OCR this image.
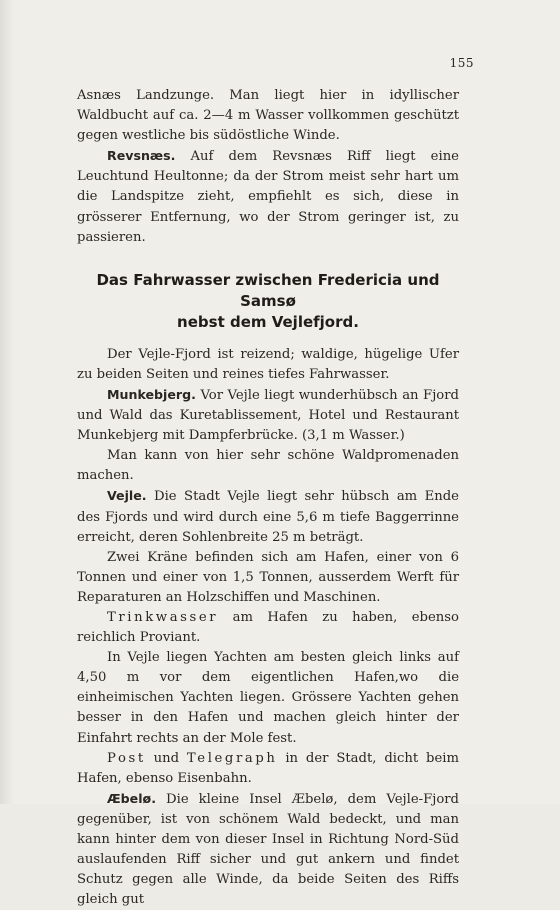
155

Asnæs Landzunge. Man liegt hier in idyllischer Waldbucht auf ca. 2—4 m Wasser vollkommen geschützt gegen westliche bis südöstliche Winde.

Revsnæs. Auf dem Revsnæs Riff liegt eine Leuchtund Heultonne; da der Strom meist sehr hart um die Landspitze zieht, empfiehlt es sich, diese in grösserer Entfernung, wo der Strom geringer ist, zu passieren.

Das Fahrwasser zwischen Fredericia und Samsø
nebst dem Vejlefjord.

Der Vejle-Fjord ist reizend; waldige, hügelige Ufer zu beiden Seiten und reines tiefes Fahrwasser.

Munkebjerg. Vor Vejle liegt wunderhübsch an Fjord und Wald das Kuretablissement, Hotel und Restaurant Munkebjerg mit Dampferbrücke. (3,1 m Wasser.)

Man kann von hier sehr schöne Waldpromenaden machen.

Vejle. Die Stadt Vejle liegt sehr hübsch am Ende des Fjords und wird durch eine 5,6 m tiefe Baggerrinne erreicht, deren Sohlenbreite 25 m beträgt.

Zwei Kräne befinden sich am Hafen, einer von 6 Tonnen und einer von 1,5 Tonnen, ausserdem Werft für Reparaturen an Holzschiffen und Maschinen.

Trinkwasser am Hafen zu haben, ebenso reichlich Proviant.

In Vejle liegen Yachten am besten gleich links auf 4,50 m vor dem eigentlichen Hafen,wo die einheimischen Yachten liegen. Grössere Yachten gehen besser in den Hafen und machen gleich hinter der Einfahrt rechts an der Mole fest.

Post und Telegraph in der Stadt, dicht beim Hafen, ebenso Eisenbahn.

Æbelø. Die kleine Insel Æbelø, dem Vejle-Fjord gegenüber, ist von schönem Wald bedeckt, und man kann hinter dem von dieser Insel in Richtung Nord-Süd auslaufenden Riff sicher und gut ankern und findet Schutz gegen alle Winde, da beide Seiten des Riffs gleich gut
